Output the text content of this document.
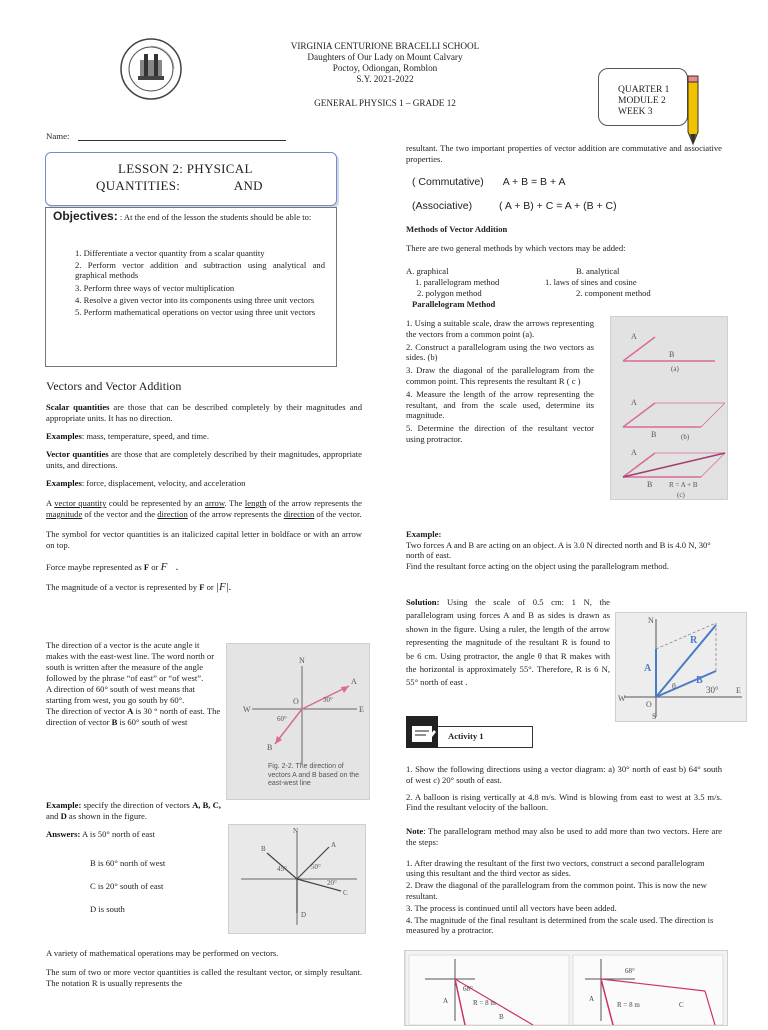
VIRGINIA CENTURIONE BRACELLI SCHOOL
Daughters of Our Lady on Mount Calvary
Poctoy, Odiongan, Romblon
S.Y. 2021-2022
GENERAL PHYSICS 1 – GRADE 12
QUARTER 1
MODULE 2
WEEK 3
Name:
LESSON 2: PHYSICAL
QUANTITIES:	AND
Objectives: : At the end of the lesson the students should be able to:
1. Differentiate a vector quantity from a scalar quantity
2. Perform vector addition and subtraction using analytical and graphical methods
3. Perform three ways of vector multiplication
4. Resolve a given vector into its components using three unit vectors
5. Perform mathematical operations on vector using three unit vectors
Vectors and Vector Addition
Scalar quantities are those that can be described completely by their magnitudes and appropriate units. It has no direction.
Examples: mass, temperature, speed, and time.
Vector quantities are those that are completely described by their magnitudes, appropriate units, and directions.
Examples: force, displacement, velocity, and acceleration
A vector quantity could be represented by an arrow. The length of the arrow represents the magnitude of the vector and the direction of the arrow represents the direction of the vector.
The symbol for vector quantities is an italicized capital letter in boldface or with an arrow on top.
Force maybe represented as F or F⃗.
The magnitude of a vector is represented by F or |F|.
The direction of a vector is the acute angle it makes with the east-west line. The word north or south is written after the measure of the angle followed by the phrase “of east” or “of west”.
A direction of 60° south of west means that starting from west, you go south by 60°.
The direction of vector A is 30 ° north of east. The direction of vector B is 60° south of west
N
W	E
O	30°
60°
A
B
Fig. 2-2. The direction of vectors A and B based on the east-west line
Example: specify the direction of vectors A, B, C, and D as shown in the figure.
Answers: A is 50° north of east
B is 60° north of west
C is 20° south of east
D is south
N
45°	50°
20°
A
B
C
D
A variety of mathematical operations may be performed on vectors.
The sum of two or more vector quantities is called the resultant vector, or simply resultant. The notation R is usually represents the
resultant. The two important properties of vector addition are commutative and associative properties.
( Commutative) A + B = B + A
(Associative)	( A + B) + C = A + (B + C)
Methods of Vector Addition
There are two general methods by which vectors may be added:
A. graphical	B. analytical
1. parallelogram method	1. laws of sines and cosine
2. polygon method	2. component method
Parallelogram Method
1. Using a suitable scale, draw the arrows representing the vectors from a common point (a).
2. Construct a parallelogram using the two vectors as sides. (b)
3. Draw the diagonal of the parallelogram from the common point. This represents the resultant R ( c )
4. Measure the length of the arrow representing the resultant, and from the scale used, determine its magnitude.
5. Determine the direction of the resultant vector using protractor.
A
B
(a)
A
B	(b)
A
B R = A + B
(c)
Example:
Two forces A and B are acting on an object. A is 3.0 N directed north and B is 4.0 N, 30° north of east.
Find the resultant force acting on the object using the parallelogram method.
Solution: Using the scale of 0.5 cm: 1 N, the parallelogram using forces A and B as sides is drawn as shown in the figure. Using a ruler, the length of the arrow representing the magnitude of the resultant R is found to be 6 cm. Using protractor, the angle θ that R makes with the horizontal is approximately 55°. Therefore, R is 6 N, 55° north of east .
N
W
E
O
S
A
R
B
θ	30°
Activity 1
1. Show the following directions using a vector diagram: a) 30° north of east b) 64° south of west c) 20° south of east.
2. A balloon is rising vertically at 4.8 m/s. Wind is blowing from east to west at 3.5 m/s. Find the resultant velocity of the balloon.
Note: The parallelogram method may also be used to add more than two vectors. Here are the steps:
1. After drawing the resultant of the first two vectors, construct a second parallelogram using this resultant and the third vector as sides.
2. Draw the diagonal of the parallelogram from the common point. This is now the new resultant.
3. The process is continued until all vectors have been added.
4. The magnitude of the final resultant is determined from the scale used. The direction is measured by a protractor.
68°
R = 8 m
A
B
68°
R = 8 m
A
C
